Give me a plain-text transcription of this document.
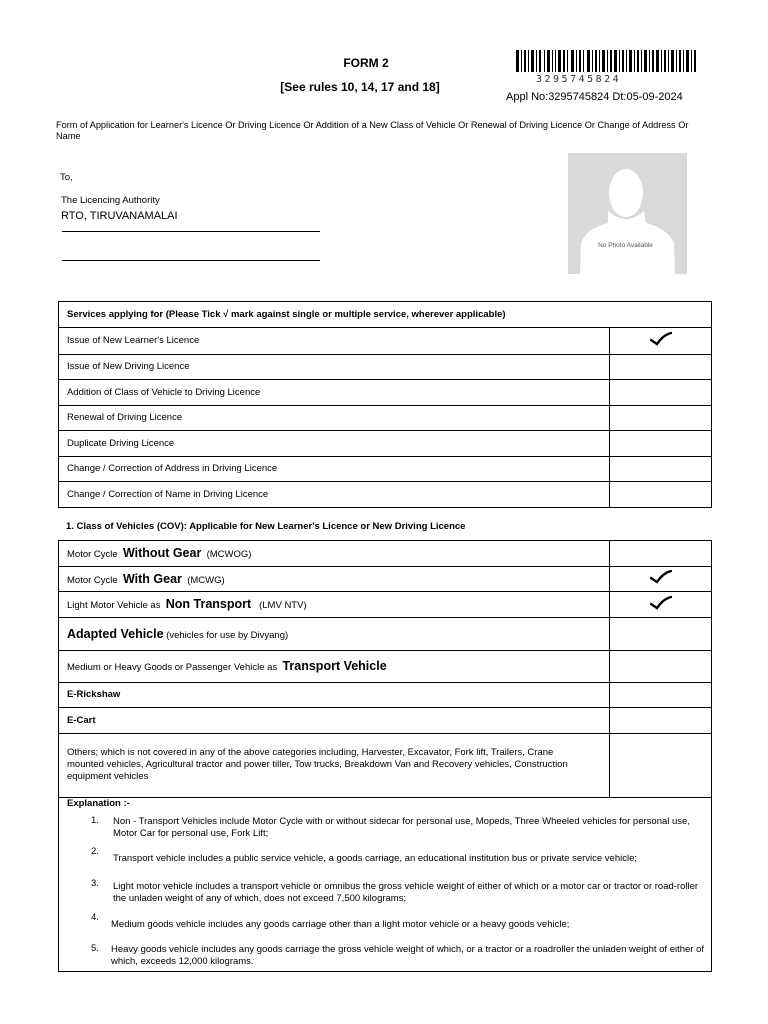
FORM 2
[See rules 10, 14, 17 and 18]
3295745824
Appl No:3295745824 Dt:05-09-2024
Form of Application for Learner's Licence Or Driving Licence Or Addition of a New Class of Vehicle Or Renewal of Driving Licence Or Change of Address Or Name
No Photo Available
To,
The Licencing Authority
RTO, TIRUVANAMALAI
Services applying for (Please Tick √ mark against single or multiple service, wherever applicable)	
Issue of New Learner's Licence	
Issue of New Driving Licence	
Addition of Class of Vehicle to Driving Licence	
Renewal of Driving Licence	
Duplicate Driving Licence	
Change / Correction of Address in Driving Licence	
Change / Correction of Name in Driving Licence	
1. Class of Vehicles (COV): Applicable for New Learner's Licence or New Driving Licence
Motor Cycle Without Gear (MCWOG)	
Motor Cycle With Gear (MCWG)	
Light Motor Vehicle as Non Transport (LMV NTV)	
Adapted Vehicle (vehicles for use by Divyang)	
Medium or Heavy Goods or Passenger Vehicle as Transport Vehicle	
E-Rickshaw	
E-Cart	
Others; which is not covered in any of the above categories including, Harvester, Excavator, Fork lift, Trailers, Crane mounted vehicles, Agricultural tractor and power tiller, Tow trucks, Breakdown Van and Recovery vehicles, Construction equipment vehicles	
Explanation :-
1. Non - Transport Vehicles include Motor Cycle with or without sidecar for personal use, Mopeds, Three Wheeled vehicles for personal use, Motor Car for personal use, Fork Lift;
2.
Transport vehicle includes a public service vehicle, a goods carriage, an educational institution bus or private service vehicle;
3. Light motor vehicle includes a transport vehicle or omnibus the gross vehicle weight of either of which or a motor car or tractor or road-roller the unladen weight of any of which, does not exceed 7,500 kilograms;
4.
Medium goods vehicle includes any goods carriage other than a light motor vehicle or a heavy goods vehicle;
5. Heavy goods vehicle includes any goods carriage the gross vehicle weight of which, or a tractor or a roadroller the unladen weight of either of which, exceeds 12,000 kilograms.
